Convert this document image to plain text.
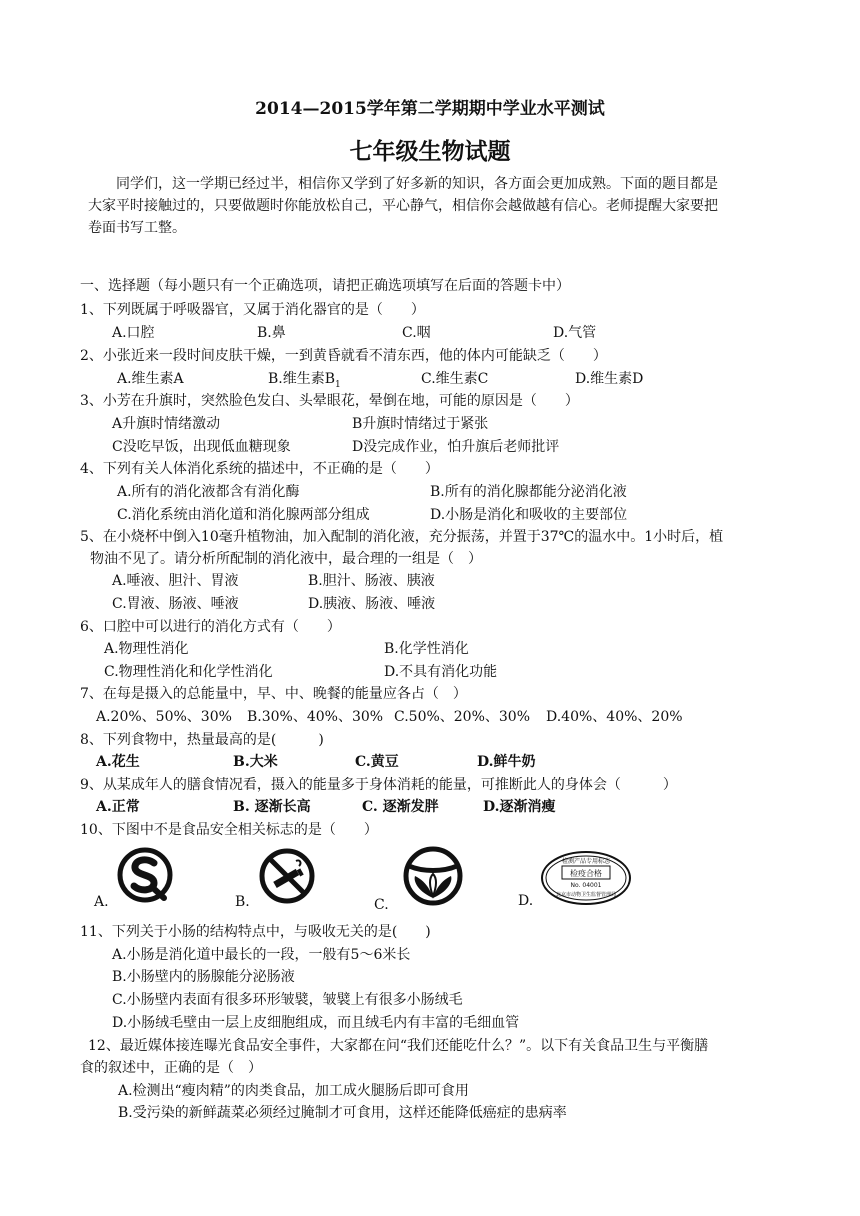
2014—2015学年第二学期期中学业水平测试
七年级生物试题
同学们，这一学期已经过半，相信你又学到了好多新的知识，各方面会更加成熟。下面的题目都是
大家平时接触过的，只要做题时你能放松自己，平心静气，相信你会越做越有信心。老师提醒大家要把
卷面书写工整。
一、选择题（每小题只有一个正确选项，请把正确选项填写在后面的答题卡中）
1、下列既属于呼吸器官，又属于消化器官的是（　　）
A.口腔	B.鼻	C.咽	D.气管
2、小张近来一段时间皮肤干燥，一到黄昏就看不清东西，他的体内可能缺乏（　　）
A.维生素A	B.维生素$B_1$	C.维生素C	D.维生素D
3、小芳在升旗时，突然脸色发白、头晕眼花，晕倒在地，可能的原因是（　　）
A升旗时情绪激动	B升旗时情绪过于紧张
C没吃早饭，出现低血糖现象	D没完成作业，怕升旗后老师批评
4、下列有关人体消化系统的描述中，不正确的是（　　）
A.所有的消化液都含有消化酶	B.所有的消化腺都能分泌消化液
C.消化系统由消化道和消化腺两部分组成	D.小肠是消化和吸收的主要部位
5、在小烧杯中倒入10毫升植物油，加入配制的消化液，充分振荡，并置于37℃的温水中。1小时后，植
物油不见了。请分析所配制的消化液中，最合理的一组是（　）
A.唾液、胆汁、胃液	B.胆汁、肠液、胰液
C.胃液、肠液、唾液	D.胰液、肠液、唾液
6、口腔中可以进行的消化方式有（　　）
A.物理性消化	B.化学性消化
C.物理性消化和化学性消化	D.不具有消化功能
7、在每是摄入的总能量中，早、中、晚餐的能量应各占（　）
A.20%、50%、30% B.30%、40%、30% C.50%、20%、30% D.40%、40%、20%
8、下列食物中，热量最高的是(　　　)
A.花生	B.大米	C.黄豆	D.鲜牛奶
9、从某成年人的膳食情况看，摄入的能量多于身体消耗的能量，可推断此人的身体会（　　　）
A.正常	B. 逐渐长高	C. 逐渐发胖	D.逐渐消瘦
10、下图中不是食品安全相关标志的是（　　）
A.	B.	C.	D.
检测产品专用标志
检疫合格
No. 04001
北京市动物卫生监督管理局
11、下列关于小肠的结构特点中，与吸收无关的是(　　)
A.小肠是消化道中最长的一段，一般有5～6米长
B.小肠壁内的肠腺能分泌肠液
C.小肠壁内表面有很多环形皱襞，皱襞上有很多小肠绒毛
D.小肠绒毛壁由一层上皮细胞组成，而且绒毛内有丰富的毛细血管
12、最近媒体接连曝光食品安全事件，大家都在问“我们还能吃什么？”。以下有关食品卫生与平衡膳
食的叙述中，正确的是（　）
A.检测出“瘦肉精”的肉类食品，加工成火腿肠后即可食用
B.受污染的新鲜蔬菜必须经过腌制才可食用，这样还能降低癌症的患病率
